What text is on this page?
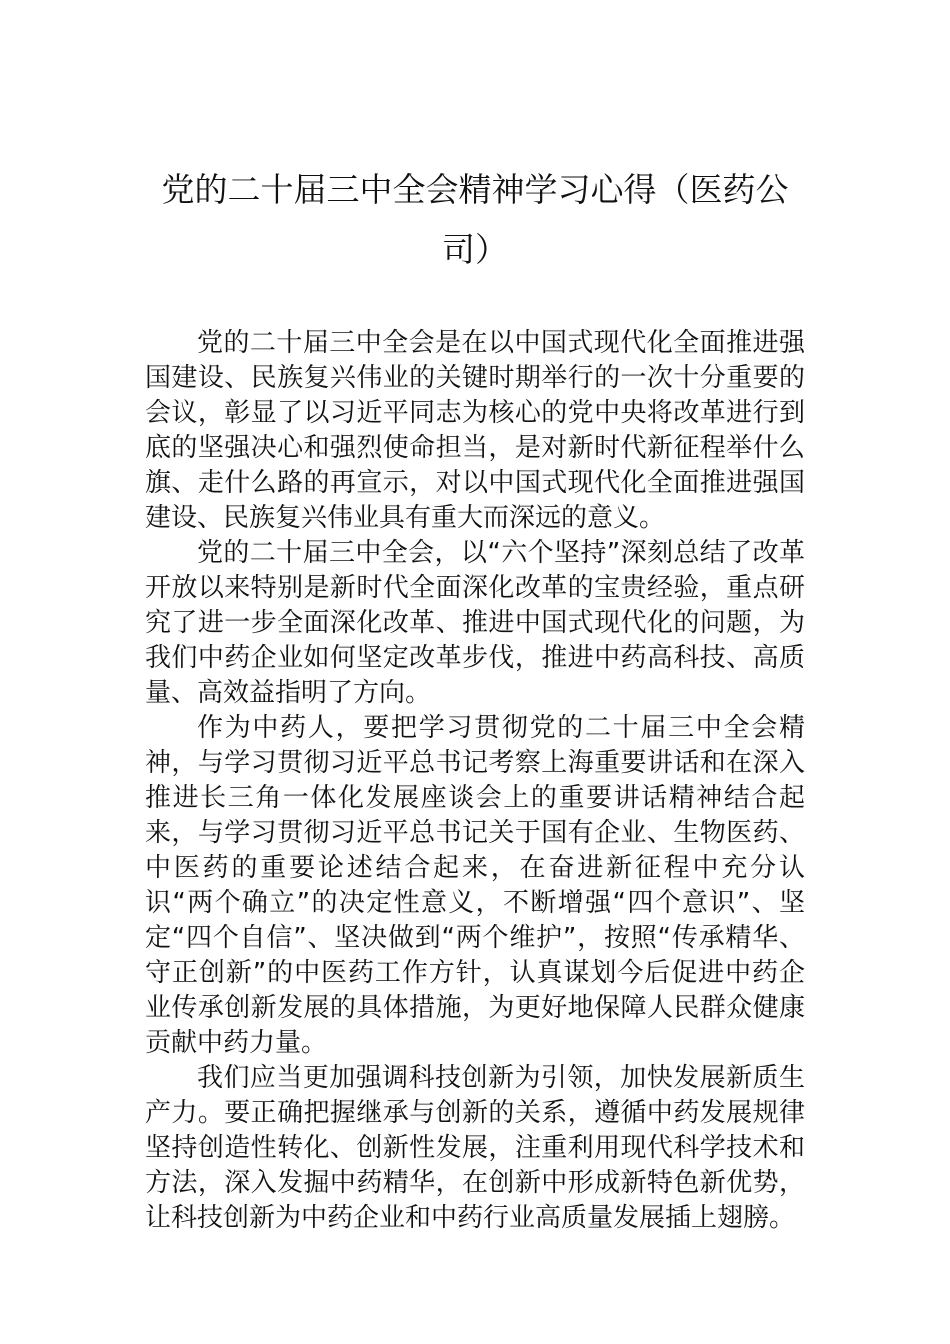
党的二十届三中全会精神学习心得（医药公司）

党的二十届三中全会是在以中国式现代化全面推进强国建设、民族复兴伟业的关键时期举行的一次十分重要的会议，彰显了以习近平同志为核心的党中央将改革进行到底的坚强决心和强烈使命担当，是对新时代新征程举什么旗、走什么路的再宣示，对以中国式现代化全面推进强国建设、民族复兴伟业具有重大而深远的意义。

党的二十届三中全会，以“六个坚持”深刻总结了改革开放以来特别是新时代全面深化改革的宝贵经验，重点研究了进一步全面深化改革、推进中国式现代化的问题，为我们中药企业如何坚定改革步伐，推进中药高科技、高质量、高效益指明了方向。

作为中药人，要把学习贯彻党的二十届三中全会精神，与学习贯彻习近平总书记考察上海重要讲话和在深入推进长三角一体化发展座谈会上的重要讲话精神结合起来，与学习贯彻习近平总书记关于国有企业、生物医药、中医药的重要论述结合起来，在奋进新征程中充分认识“两个确立”的决定性意义，不断增强“四个意识”、坚定“四个自信”、坚决做到“两个维护”，按照“传承精华、守正创新”的中医药工作方针，认真谋划今后促进中药企业传承创新发展的具体措施，为更好地保障人民群众健康贡献中药力量。

我们应当更加强调科技创新为引领，加快发展新质生产力。要正确把握继承与创新的关系，遵循中药发展规律坚持创造性转化、创新性发展，注重利用现代科学技术和方法，深入发掘中药精华，在创新中形成新特色新优势，让科技创新为中药企业和中药行业高质量发展插上翅膀。
